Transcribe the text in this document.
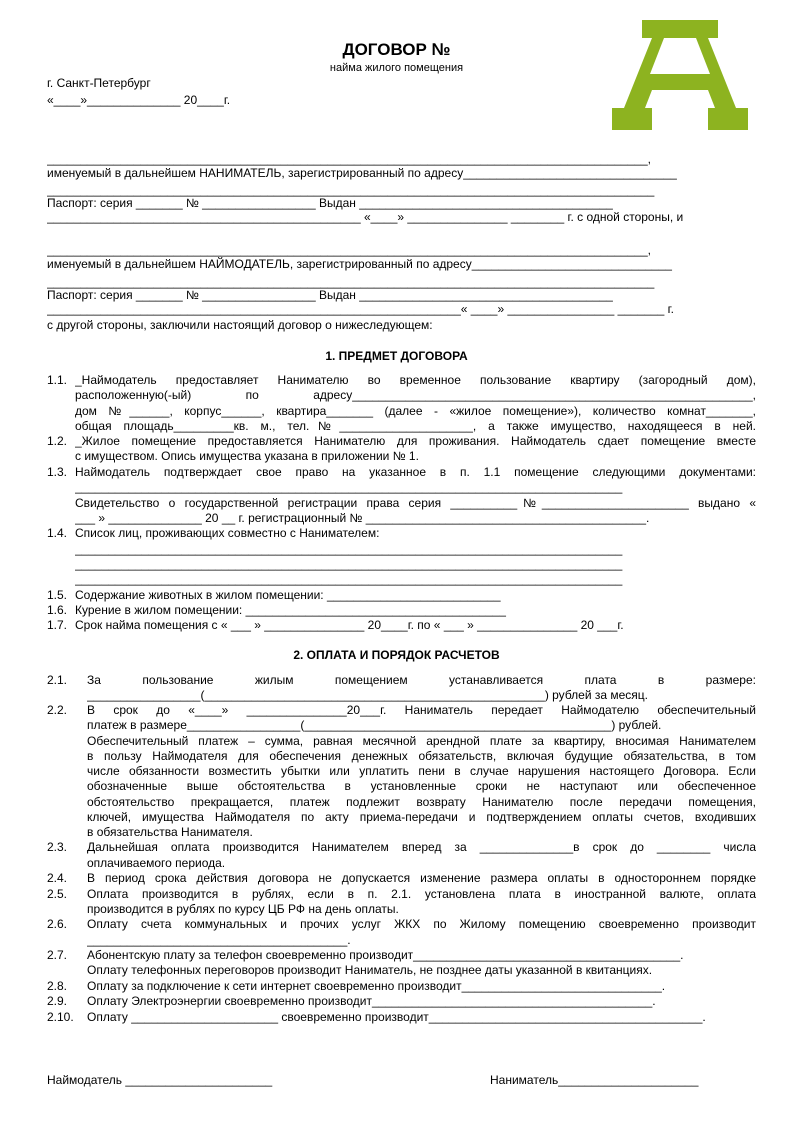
ДОГОВОР №
найма жилого помещения
г. Санкт-Петербург
«____»______________ 20____г.
__________________________________________________________________________________________,
именуемый в дальнейшем НАНИМАТЕЛЬ, зарегистрированный по адресу________________________________
___________________________________________________________________________________________
Паспорт: серия _______ № _________________ Выдан ______________________________________
_______________________________________________ «____» _______________ ________ г. с одной стороны, и
__________________________________________________________________________________________,
именуемый в дальнейшем НАЙМОДАТЕЛЬ, зарегистрированный по адресу______________________________
___________________________________________________________________________________________
Паспорт: серия _______ № _________________ Выдан ______________________________________
______________________________________________________________« ____» ________________ _______ г.
с другой стороны, заключили настоящий договор о нижеследующем:
1. ПРЕДМЕТ ДОГОВОРА
1.1. _Наймодатель предоставляет Нанимателю во временное пользование квартиру (загородный дом),
расположенную(-ый) по адресу____________________________________________________________,
дом №______, корпус______, квартира_______ (далее - «жилое помещение»), количество комнат_______,
общая площадь_________кв. м., тел.№____________________, а также имущество, находящееся в ней.
1.2. _Жилое помещение предоставляется Нанимателю для проживания. Наймодатель сдает помещение вместе
с имуществом. Опись имущества указана в приложении № 1.
1.3. Наймодатель подтверждает свое право на указанное в п. 1.1 помещение следующими документами:
__________________________________________________________________________________
Свидетельство о государственной регистрации права серия __________№______________________ выдано «
___ » ______________ 20 __ г. регистрационный № __________________________________________.
1.4. Список лиц, проживающих совместно с Нанимателем:
__________________________________________________________________________________
__________________________________________________________________________________
__________________________________________________________________________________
1.5. Содержание животных в жилом помещении: __________________________
1.6. Курение в жилом помещении: _______________________________________
1.7. Срок найма помещения с « ___ » _______________ 20____г. по « ___ » _______________ 20 ___г.
2. ОПЛАТА И ПОРЯДОК РАСЧЕТОВ
2.1. За пользование жилым помещением устанавливается плата в размере:
_________________(___________________________________________________) рублей за месяц.
2.2. В срок до «____» _______________20___г. Наниматель передает Наймодателю обеспечительный
платеж в размере_________________(______________________________________________) рублей.
Обеспечительный платеж – сумма, равная месячной арендной плате за квартиру, вносимая Нанимателем
в пользу Наймодателя для обеспечения денежных обязательств, включая будущие обязательства, в том
числе обязанности возместить убытки или уплатить пени в случае нарушения настоящего Договора. Если
обозначенные выше обстоятельства в установленные сроки не наступают или обеспеченное
обстоятельство прекращается, платеж подлежит возврату Нанимателю после передачи помещения,
ключей, имущества Наймодателя по акту приема-передачи и подтверждением оплаты счетов, входивших
в обязательства Нанимателя.
2.3. Дальнейшая оплата производится Нанимателем вперед за ______________в срок до ________ числа
оплачиваемого периода.
2.4. В период срока действия договора не допускается изменение размера оплаты в одностороннем порядке
2.5. Оплата производится в рублях, если в п. 2.1. установлена плата в иностранной валюте, оплата
производится в рублях по курсу ЦБ РФ на день оплаты.
2.6. Оплату счета коммунальных и прочих услуг ЖКХ по Жилому помещению своевременно производит
_______________________________________.
2.7. Абонентскую плату за телефон своевременно производит________________________________________.
Оплату телефонных переговоров производит Наниматель, не позднее даты указанной в квитанциях.
2.8. Оплату за подключение к сети интернет своевременно производит______________________________.
2.9. Оплату Электроэнергии своевременно производит__________________________________________.
2.10. Оплату ______________________ своевременно производит_________________________________________.
Наймодатель ______________________	Наниматель_____________________
